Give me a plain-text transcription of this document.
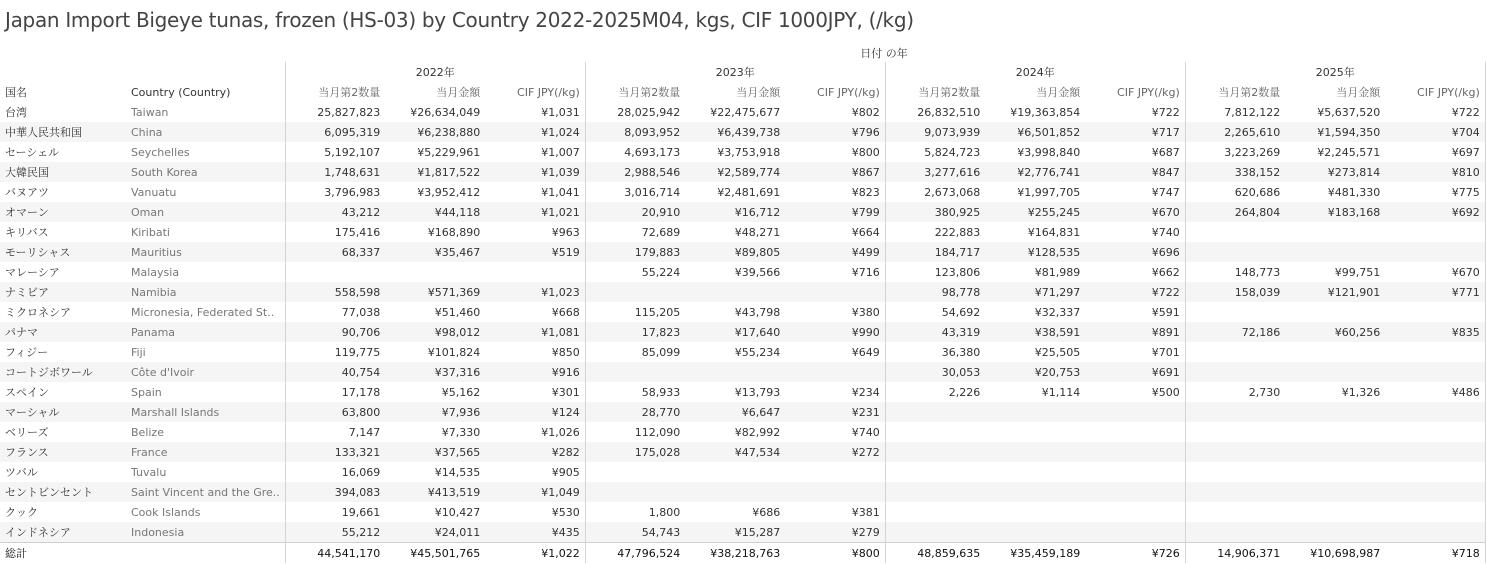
Japan Import Bigeye tunas, frozen (HS-03) by Country 2022-2025M04, kgs, CIF 1000JPY, (/kg)
日付 の年
		2022年			2023年			2024年			2025年		
国名	Country (Country)	当月第2数量	当月金額	CIF JPY(/kg)	当月第2数量	当月金額	CIF JPY(/kg)	当月第2数量	当月金額	CIF JPY(/kg)	当月第2数量	当月金額	CIF JPY(/kg)
台湾	Taiwan	25,827,823	¥26,634,049	¥1,031	28,025,942	¥22,475,677	¥802	26,832,510	¥19,363,854	¥722	7,812,122	¥5,637,520	¥722
中華人民共和国	China	6,095,319	¥6,238,880	¥1,024	8,093,952	¥6,439,738	¥796	9,073,939	¥6,501,852	¥717	2,265,610	¥1,594,350	¥704
セーシェル	Seychelles	5,192,107	¥5,229,961	¥1,007	4,693,173	¥3,753,918	¥800	5,824,723	¥3,998,840	¥687	3,223,269	¥2,245,571	¥697
大韓民国	South Korea	1,748,631	¥1,817,522	¥1,039	2,988,546	¥2,589,774	¥867	3,277,616	¥2,776,741	¥847	338,152	¥273,814	¥810
バヌアツ	Vanuatu	3,796,983	¥3,952,412	¥1,041	3,016,714	¥2,481,691	¥823	2,673,068	¥1,997,705	¥747	620,686	¥481,330	¥775
オマーン	Oman	43,212	¥44,118	¥1,021	20,910	¥16,712	¥799	380,925	¥255,245	¥670	264,804	¥183,168	¥692
キリバス	Kiribati	175,416	¥168,890	¥963	72,689	¥48,271	¥664	222,883	¥164,831	¥740			
モーリシャス	Mauritius	68,337	¥35,467	¥519	179,883	¥89,805	¥499	184,717	¥128,535	¥696			
マレーシア	Malaysia				55,224	¥39,566	¥716	123,806	¥81,989	¥662	148,773	¥99,751	¥670
ナミビア	Namibia	558,598	¥571,369	¥1,023				98,778	¥71,297	¥722	158,039	¥121,901	¥771
ミクロネシア	Micronesia, Federated St..	77,038	¥51,460	¥668	115,205	¥43,798	¥380	54,692	¥32,337	¥591			
パナマ	Panama	90,706	¥98,012	¥1,081	17,823	¥17,640	¥990	43,319	¥38,591	¥891	72,186	¥60,256	¥835
フィジー	Fiji	119,775	¥101,824	¥850	85,099	¥55,234	¥649	36,380	¥25,505	¥701			
コートジボワール	Côte d'Ivoir	40,754	¥37,316	¥916				30,053	¥20,753	¥691			
スペイン	Spain	17,178	¥5,162	¥301	58,933	¥13,793	¥234	2,226	¥1,114	¥500	2,730	¥1,326	¥486
マーシャル	Marshall Islands	63,800	¥7,936	¥124	28,770	¥6,647	¥231						
ベリーズ	Belize	7,147	¥7,330	¥1,026	112,090	¥82,992	¥740						
フランス	France	133,321	¥37,565	¥282	175,028	¥47,534	¥272						
ツバル	Tuvalu	16,069	¥14,535	¥905									
セントビンセント	Saint Vincent and the Gre..	394,083	¥413,519	¥1,049									
クック	Cook Islands	19,661	¥10,427	¥530	1,800	¥686	¥381						
インドネシア	Indonesia	55,212	¥24,011	¥435	54,743	¥15,287	¥279						
総計		44,541,170	¥45,501,765	¥1,022	47,796,524	¥38,218,763	¥800	48,859,635	¥35,459,189	¥726	14,906,371	¥10,698,987	¥718
